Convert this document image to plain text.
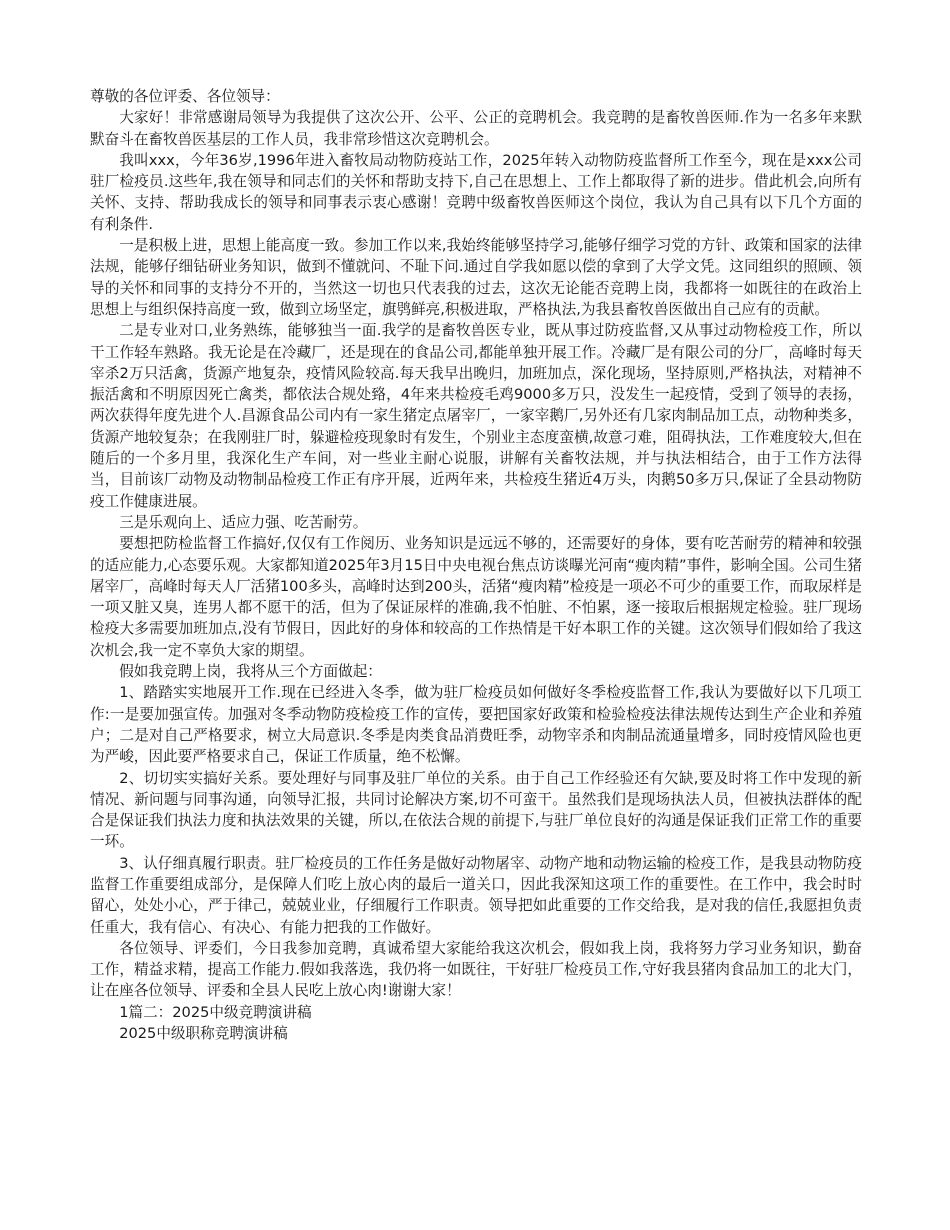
尊敬的各位评委、各位领导：

大家好！非常感谢局领导为我提供了这次公开、公平、公正的竞聘机会。我竞聘的是畜牧兽医师.作为一名多年来默默奋斗在畜牧兽医基层的工作人员，我非常珍惜这次竞聘机会。

我叫xxx，今年36岁,1996年进入畜牧局动物防疫站工作，2025年转入动物防疫监督所工作至今，现在是xxx公司驻厂检疫员.这些年,我在领导和同志们的关怀和帮助支持下,自己在思想上、工作上都取得了新的进步。借此机会,向所有关怀、支持、帮助我成长的领导和同事表示衷心感谢！竞聘中级畜牧兽医师这个岗位，我认为自己具有以下几个方面的有利条件.

一是积极上进，思想上能高度一致。参加工作以来,我始终能够坚持学习,能够仔细学习党的方针、政策和国家的法律法规，能够仔细钻研业务知识，做到不懂就问、不耻下问.通过自学我如愿以偿的拿到了大学文凭。这同组织的照顾、领导的关怀和同事的支持分不开的，当然这一切也只代表我的过去，这次无论能否竞聘上岗，我都将一如既往的在政治上思想上与组织保持高度一致，做到立场坚定，旗鸮鲜亮,积极进取，严格执法,为我县畜牧兽医做出自己应有的贡献。

二是专业对口,业务熟练，能够独当一面.我学的是畜牧兽医专业，既从事过防疫监督,又从事过动物检疫工作，所以干工作轻车熟路。我无论是在冷藏厂，还是现在的食品公司,都能单独开展工作。冷藏厂是有限公司的分厂，高峰时每天宰杀2万只活禽，货源产地复杂，疫情风险较高.每天我早出晚归，加班加点，深化现场，坚持原则,严格执法，对精神不振活禽和不明原因死亡禽类，都依法合规处臵，4年来共检疫毛鸡9000多万只，没发生一起疫情，受到了领导的表扬，两次获得年度先进个人.昌源食品公司内有一家生猪定点屠宰厂，一家宰鹅厂,另外还有几家肉制品加工点，动物种类多，货源产地较复杂；在我刚驻厂时，躲避检疫现象时有发生，个别业主态度蛮横,故意刁难，阻碍执法，工作难度较大,但在随后的一个多月里，我深化生产车间，对一些业主耐心说服，讲解有关畜牧法规，并与执法相结合，由于工作方法得当，目前该厂动物及动物制品检疫工作正有序开展，近两年来，共检疫生猪近4万头，肉鹅50多万只,保证了全县动物防疫工作健康进展。

三是乐观向上、适应力强、吃苦耐劳。

要想把防检监督工作搞好,仅仅有工作阅历、业务知识是远远不够的，还需要好的身体，要有吃苦耐劳的精神和较强的适应能力,心态要乐观。大家都知道2025年3月15日中央电视台焦点访谈曝光河南“瘦肉精”事件，影响全国。公司生猪屠宰厂，高峰时每天人厂活猪100多头，高峰时达到200头，活猪“瘦肉精”检疫是一项必不可少的重要工作，而取尿样是一项又脏又臭，连男人都不愿干的活，但为了保证尿样的准确,我不怕脏、不怕累，逐一接取后根据规定检验。驻厂现场检疫大多需要加班加点,没有节假日，因此好的身体和较高的工作热情是干好本职工作的关键。这次领导们假如给了我这次机会,我一定不辜负大家的期望。

假如我竞聘上岗，我将从三个方面做起：

1、踏踏实实地展开工作.现在已经进入冬季，做为驻厂检疫员如何做好冬季检疫监督工作,我认为要做好以下几项工作:一是要加强宣传。加强对冬季动物防疫检疫工作的宣传，要把国家好政策和检验检疫法律法规传达到生产企业和养殖户；二是对自己严格要求，树立大局意识.冬季是肉类食品消费旺季，动物宰杀和肉制品流通量增多，同时疫情风险也更为严峻，因此要严格要求自己，保证工作质量，绝不松懈。

2、切切实实搞好关系。要处理好与同事及驻厂单位的关系。由于自己工作经验还有欠缺,要及时将工作中发现的新情况、新问题与同事沟通，向领导汇报，共同讨论解决方案,切不可蛮干。虽然我们是现场执法人员，但被执法群体的配合是保证我们执法力度和执法效果的关键，所以,在依法合规的前提下,与驻厂单位良好的沟通是保证我们正常工作的重要一环。

3、认仔细真履行职责。驻厂检疫员的工作任务是做好动物屠宰、动物产地和动物运输的检疫工作，是我县动物防疫监督工作重要组成部分，是保障人们吃上放心肉的最后一道关口，因此我深知这项工作的重要性。在工作中，我会时时留心，处处小心，严于律己，兢兢业业，仔细履行工作职责。领导把如此重要的工作交给我，是对我的信任,我愿担负责任重大，我有信心、有决心、有能力把我的工作做好。

各位领导、评委们，今日我参加竞聘，真诚希望大家能给我这次机会，假如我上岗，我将努力学习业务知识，勤奋工作，精益求精，提高工作能力.假如我落选，我仍将一如既往，干好驻厂检疫员工作,守好我县猪肉食品加工的北大门，让在座各位领导、评委和全县人民吃上放心肉!谢谢大家！

1篇二：2025中级竞聘演讲稿

2025中级职称竞聘演讲稿
